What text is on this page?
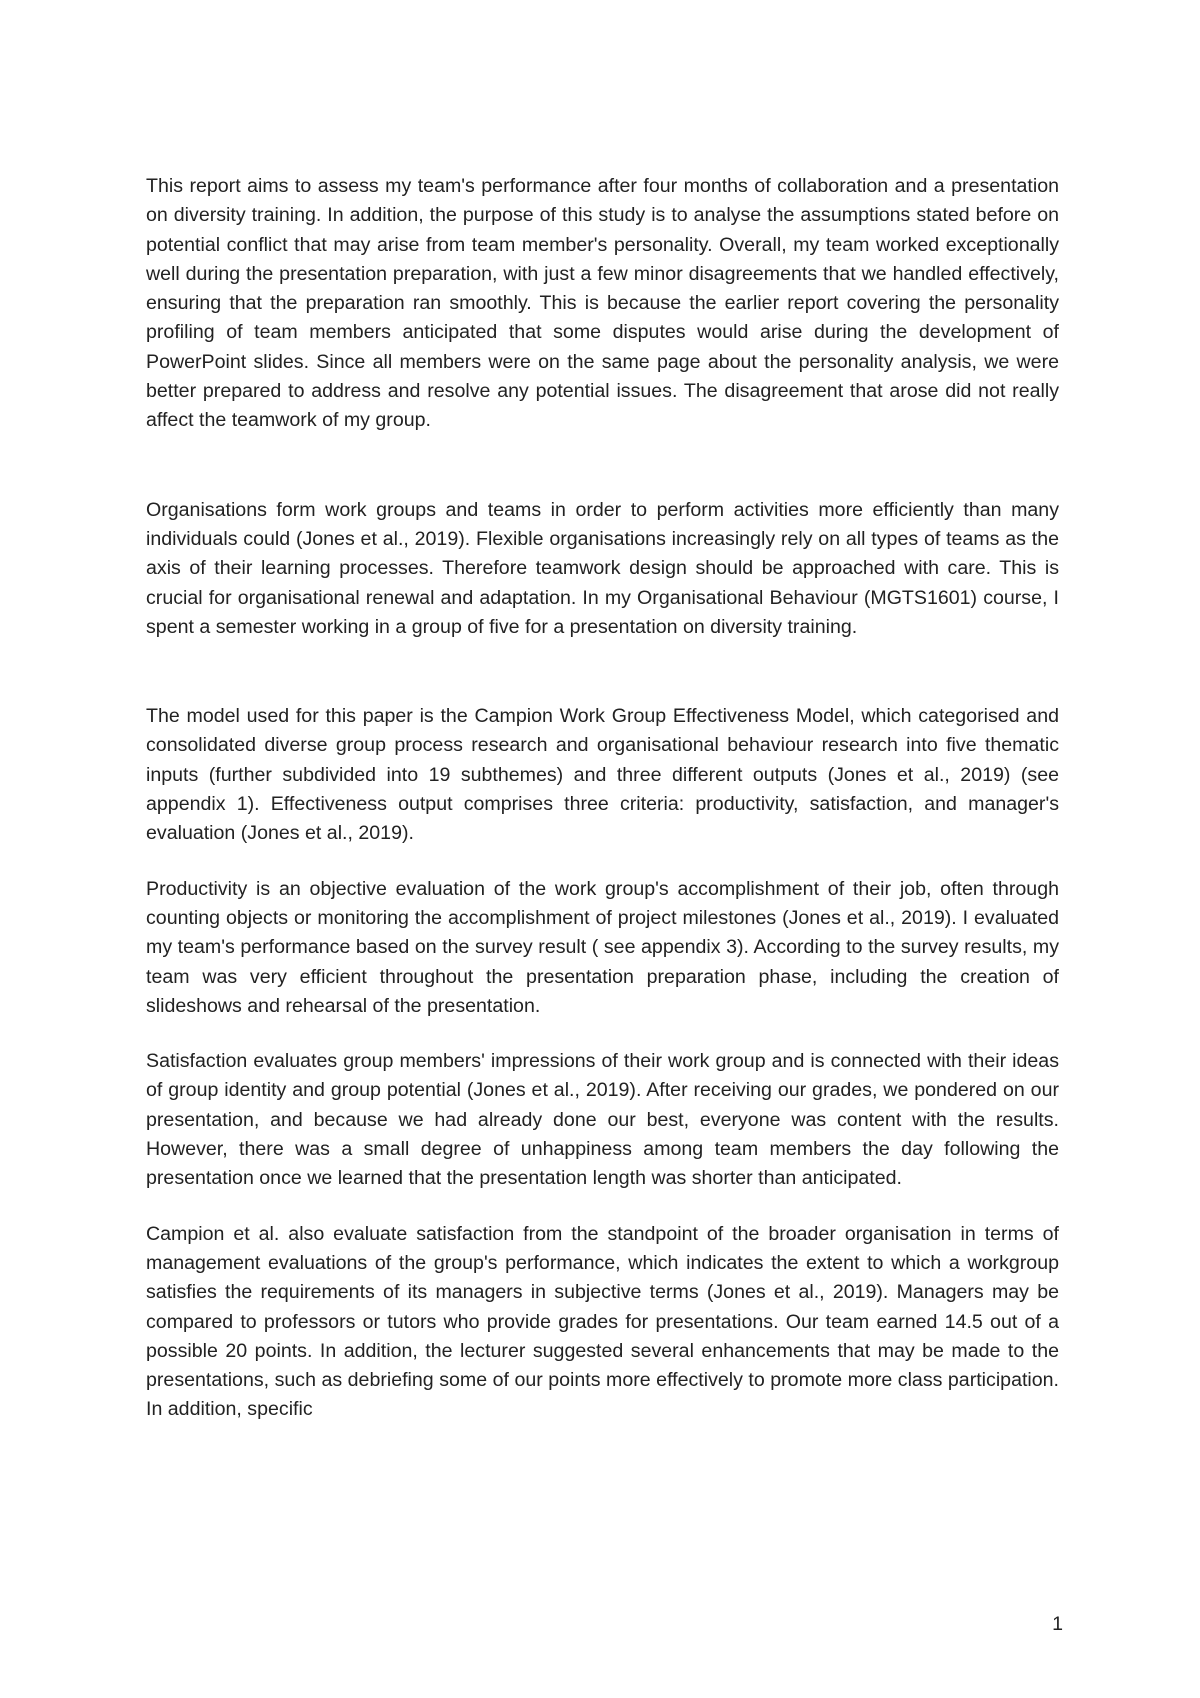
This report aims to assess my team's performance after four months of collaboration and a presentation on diversity training. In addition, the purpose of this study is to analyse the assumptions stated before on potential conflict that may arise from team member's personality. Overall, my team worked exceptionally well during the presentation preparation, with just a few minor disagreements that we handled effectively, ensuring that the preparation ran smoothly. This is because the earlier report covering the personality profiling of team members anticipated that some disputes would arise during the development of PowerPoint slides. Since all members were on the same page about the personality analysis, we were better prepared to address and resolve any potential issues. The disagreement that arose did not really affect the teamwork of my group.

Organisations form work groups and teams in order to perform activities more efficiently than many individuals could (Jones et al., 2019). Flexible organisations increasingly rely on all types of teams as the axis of their learning processes. Therefore teamwork design should be approached with care. This is crucial for organisational renewal and adaptation. In my Organisational Behaviour (MGTS1601) course, I spent a semester working in a group of five for a presentation on diversity training.

The model used for this paper is the Campion Work Group Effectiveness Model, which categorised and consolidated diverse group process research and organisational behaviour research into five thematic inputs (further subdivided into 19 subthemes) and three different outputs (Jones et al., 2019) (see appendix 1). Effectiveness output comprises three criteria: productivity, satisfaction, and manager's evaluation (Jones et al., 2019).

Productivity is an objective evaluation of the work group's accomplishment of their job, often through counting objects or monitoring the accomplishment of project milestones (Jones et al., 2019). I evaluated my team's performance based on the survey result ( see appendix 3). According to the survey results, my team was very efficient throughout the presentation preparation phase, including the creation of slideshows and rehearsal of the presentation.

Satisfaction evaluates group members' impressions of their work group and is connected with their ideas of group identity and group potential (Jones et al., 2019). After receiving our grades, we pondered on our presentation, and because we had already done our best, everyone was content with the results. However, there was a small degree of unhappiness among team members the day following the presentation once we learned that the presentation length was shorter than anticipated.

Campion et al. also evaluate satisfaction from the standpoint of the broader organisation in terms of management evaluations of the group's performance, which indicates the extent to which a workgroup satisfies the requirements of its managers in subjective terms (Jones et al., 2019). Managers may be compared to professors or tutors who provide grades for presentations. Our team earned 14.5 out of a possible 20 points. In addition, the lecturer suggested several enhancements that may be made to the presentations, such as debriefing some of our points more effectively to promote more class participation. In addition, specific

1
